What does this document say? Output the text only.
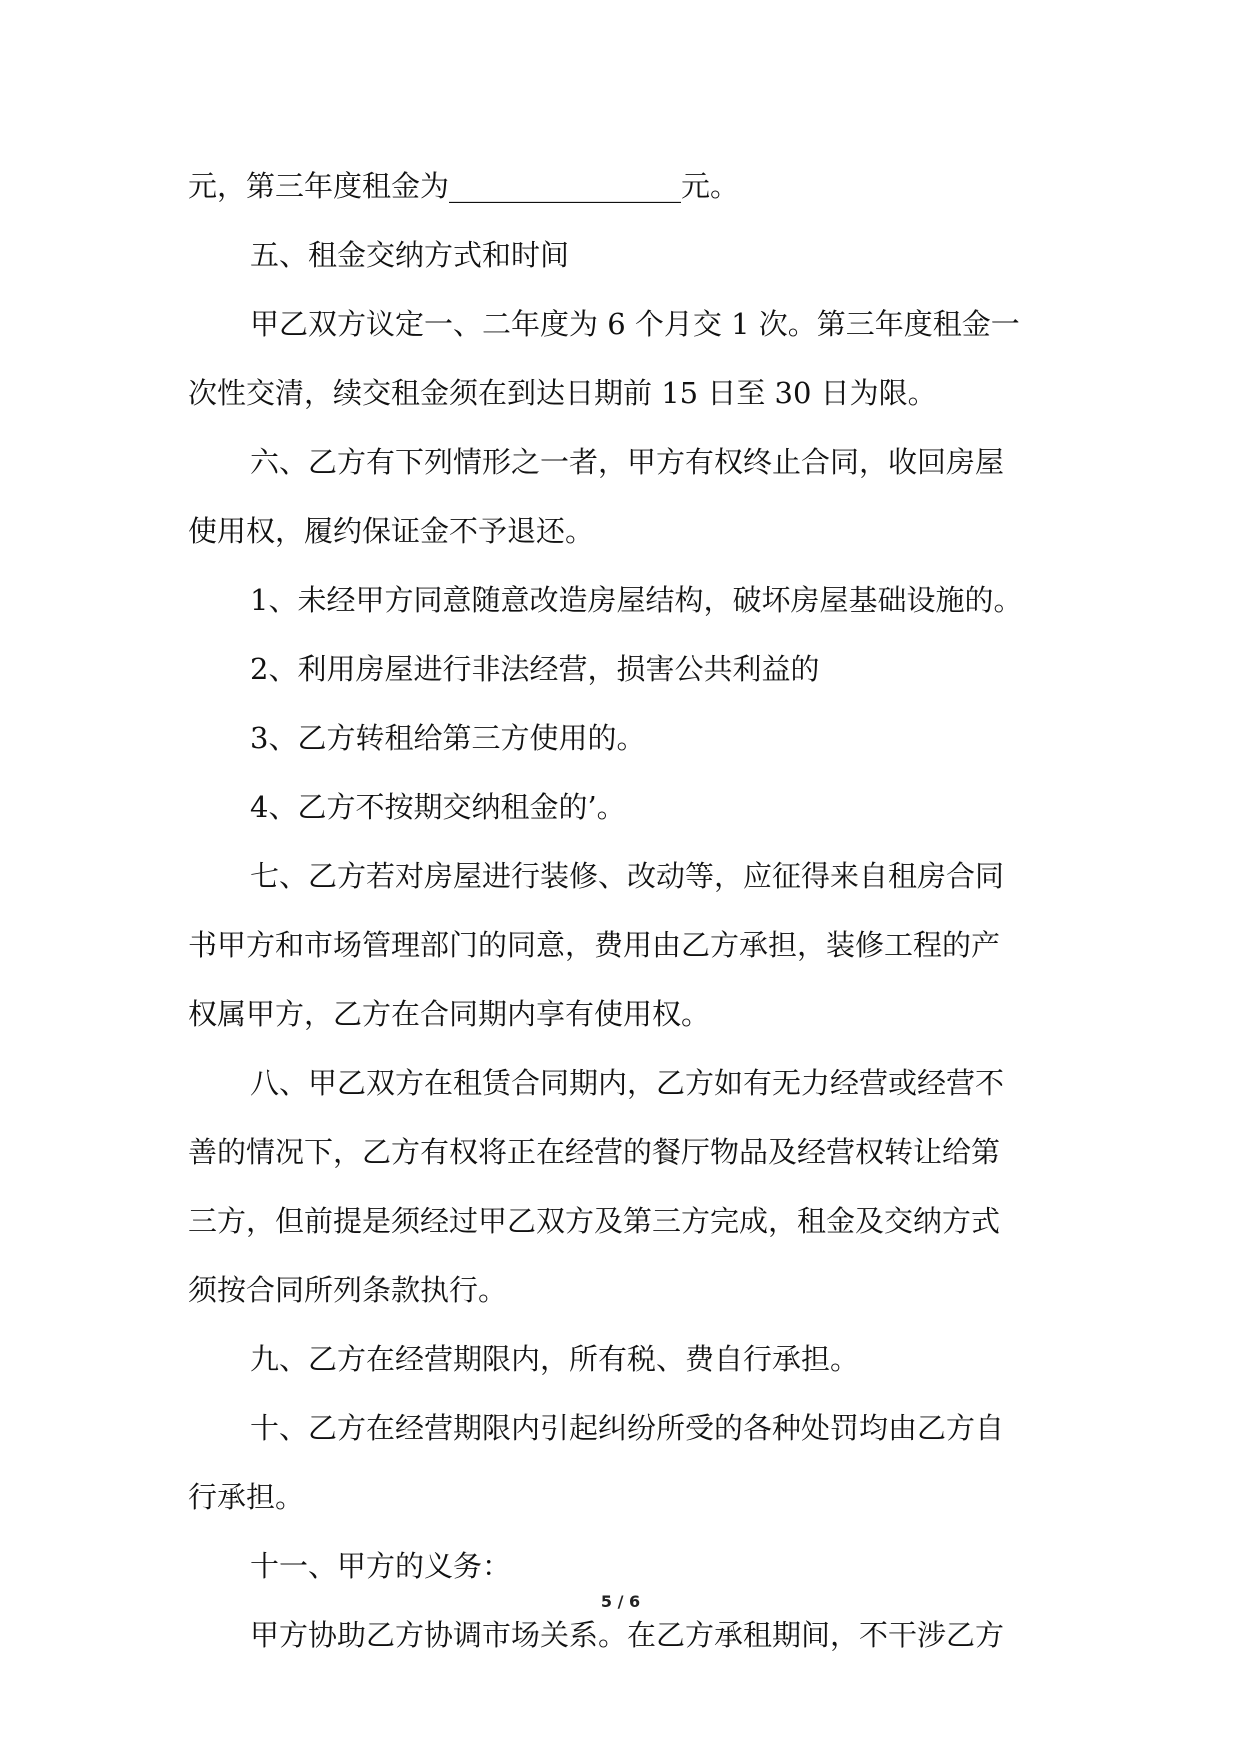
元，第三年度租金为________________元。
五、租金交纳方式和时间
甲乙双方议定一、二年度为 6 个月交 1 次。第三年度租金一
次性交清，续交租金须在到达日期前 15 日至 30 日为限。
六、乙方有下列情形之一者，甲方有权终止合同，收回房屋
使用权，履约保证金不予退还。
1、未经甲方同意随意改造房屋结构，破坏房屋基础设施的。
2、利用房屋进行非法经营，损害公共利益的
3、乙方转租给第三方使用的。
4、乙方不按期交纳租金的’。
七、乙方若对房屋进行装修、改动等，应征得来自租房合同
书甲方和市场管理部门的同意，费用由乙方承担，装修工程的产
权属甲方，乙方在合同期内享有使用权。
八、甲乙双方在租赁合同期内，乙方如有无力经营或经营不
善的情况下，乙方有权将正在经营的餐厅物品及经营权转让给第
三方，但前提是须经过甲乙双方及第三方完成，租金及交纳方式
须按合同所列条款执行。
九、乙方在经营期限内，所有税、费自行承担。
十、乙方在经营期限内引起纠纷所受的各种处罚均由乙方自
行承担。
十一、甲方的义务：
甲方协助乙方协调市场关系。在乙方承租期间，不干涉乙方
5 / 6
